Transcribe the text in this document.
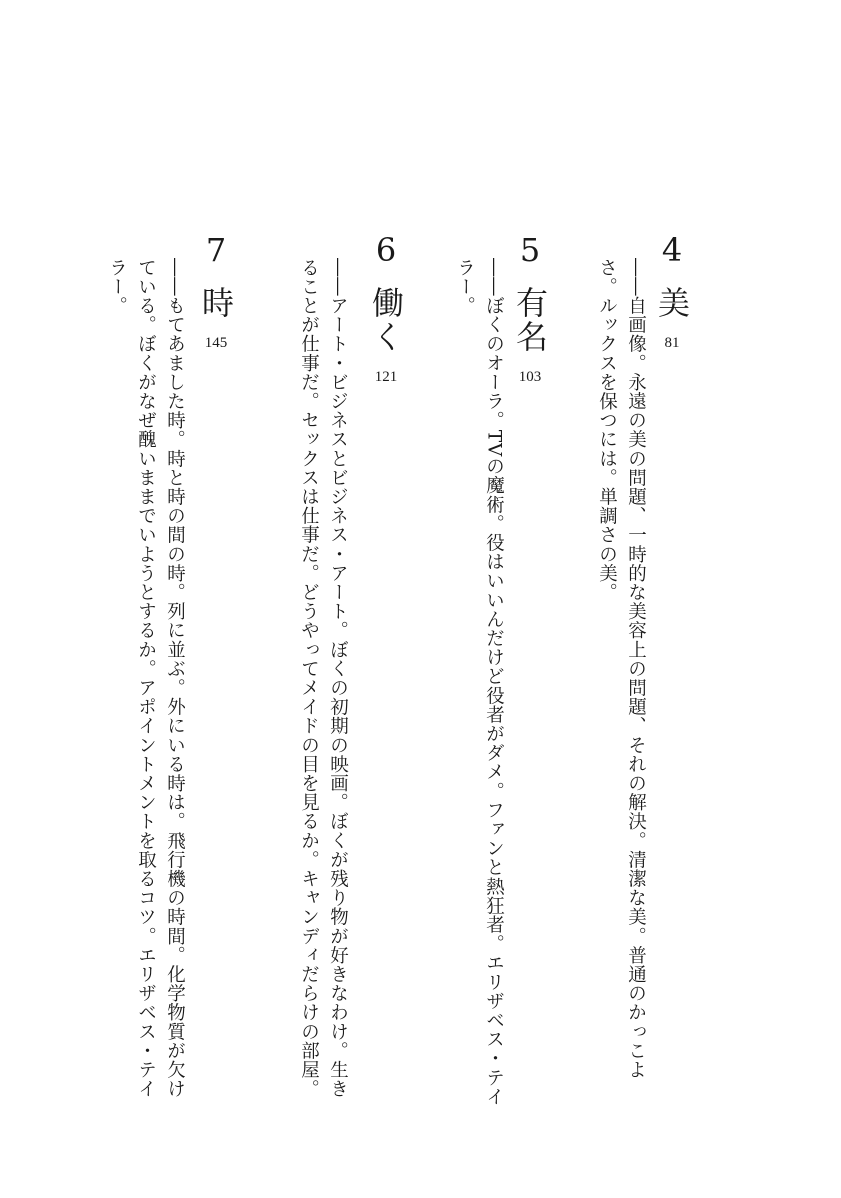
4
美
81

――自画像。永遠の美の問題、一時的な美容上の問題、それの解決。清潔な美。普通のかっこよさ。ルックスを保つには。単調さの美。

5
有名
103

――ぼくのオーラ。TVの魔術。役はいいんだけど役者がダメ。ファンと熱狂者。エリザベス・テイラー。

6
働く
121

――アート・ビジネスとビジネス・アート。ぼくの初期の映画。ぼくが残り物が好きなわけ。生きることが仕事だ。セックスは仕事だ。どうやってメイドの目を見るか。キャンディだらけの部屋。

7
時
145

――もてあました時。時と時の間の時。列に並ぶ。外にいる時は。飛行機の時間。化学物質が欠けている。ぼくがなぜ醜いままでいようとするか。アポイントメントを取るコツ。エリザベス・テイラー。
